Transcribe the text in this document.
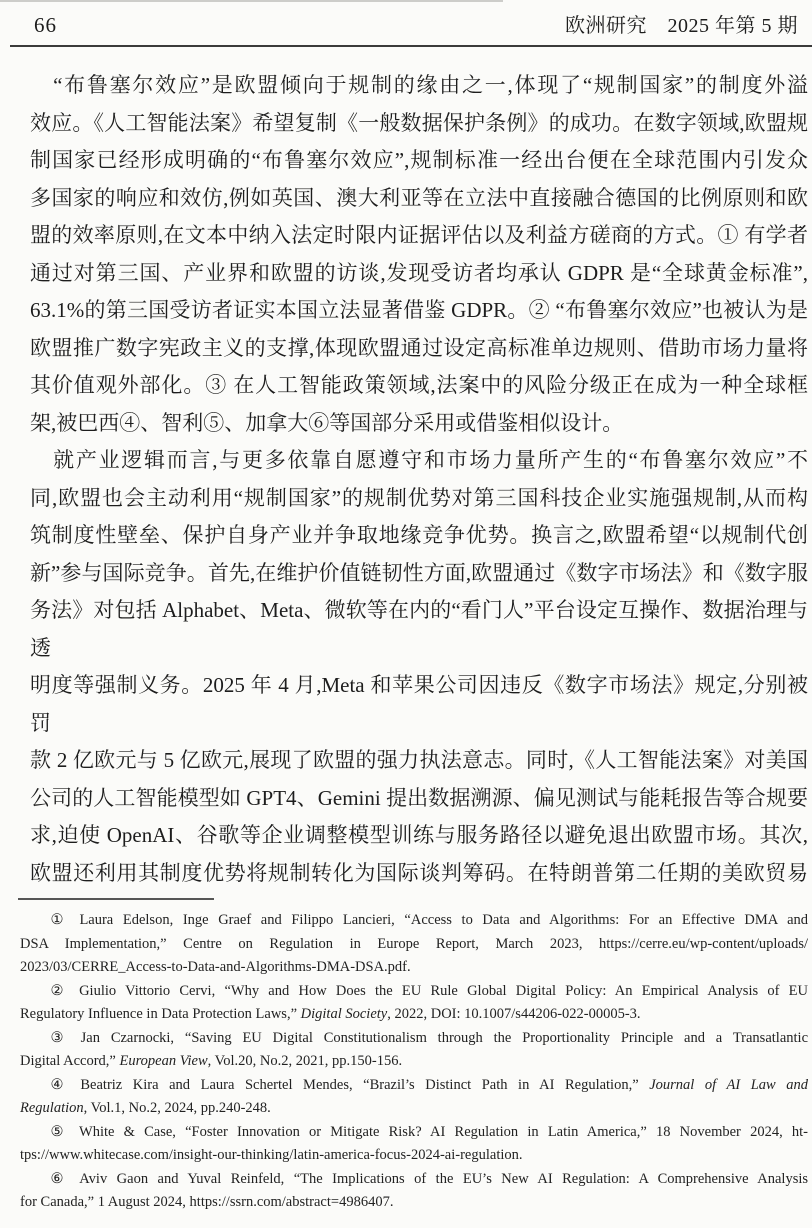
66	欧洲研究　2025 年第 5 期
“布鲁塞尔效应”是欧盟倾向于规制的缘由之一,体现了“规制国家”的制度外溢
效应。《人工智能法案》希望复制《一般数据保护条例》的成功。在数字领域,欧盟规
制国家已经形成明确的“布鲁塞尔效应”,规制标准一经出台便在全球范围内引发众
多国家的响应和效仿,例如英国、澳大利亚等在立法中直接融合德国的比例原则和欧
盟的效率原则,在文本中纳入法定时限内证据评估以及利益方磋商的方式。① 有学者
通过对第三国、产业界和欧盟的访谈,发现受访者均承认 GDPR 是“全球黄金标准”,
63.1%的第三国受访者证实本国立法显著借鉴 GDPR。② “布鲁塞尔效应”也被认为是
欧盟推广数字宪政主义的支撑,体现欧盟通过设定高标准单边规则、借助市场力量将
其价值观外部化。③ 在人工智能政策领域,法案中的风险分级正在成为一种全球框
架,被巴西④、智利⑤、加拿大⑥等国部分采用或借鉴相似设计。
就产业逻辑而言,与更多依靠自愿遵守和市场力量所产生的“布鲁塞尔效应”不
同,欧盟也会主动利用“规制国家”的规制优势对第三国科技企业实施强规制,从而构
筑制度性壁垒、保护自身产业并争取地缘竞争优势。换言之,欧盟希望“以规制代创
新”参与国际竞争。首先,在维护价值链韧性方面,欧盟通过《数字市场法》和《数字服
务法》对包括 Alphabet、Meta、微软等在内的“看门人”平台设定互操作、数据治理与透
明度等强制义务。2025 年 4 月,Meta 和苹果公司因违反《数字市场法》规定,分别被罚
款 2 亿欧元与 5 亿欧元,展现了欧盟的强力执法意志。同时,《人工智能法案》对美国
公司的人工智能模型如 GPT4、Gemini 提出数据溯源、偏见测试与能耗报告等合规要
求,迫使 OpenAI、谷歌等企业调整模型训练与服务路径以避免退出欧盟市场。其次,
欧盟还利用其制度优势将规制转化为国际谈判筹码。在特朗普第二任期的美欧贸易
① Laura Edelson, Inge Graef and Filippo Lancieri, “Access to Data and Algorithms: For an Effective DMA and
DSA Implementation,” Centre on Regulation in Europe Report, March 2023, https://cerre.eu/wp-content/uploads/
2023/03/CERRE_Access-to-Data-and-Algorithms-DMA-DSA.pdf.
② Giulio Vittorio Cervi, “Why and How Does the EU Rule Global Digital Policy: An Empirical Analysis of EU
Regulatory Influence in Data Protection Laws,” Digital Society, 2022, DOI: 10.1007/s44206-022-00005-3.
③ Jan Czarnocki, “Saving EU Digital Constitutionalism through the Proportionality Principle and a Transatlantic
Digital Accord,” European View, Vol.20, No.2, 2021, pp.150-156.
④ Beatriz Kira and Laura Schertel Mendes, “Brazil’s Distinct Path in AI Regulation,” Journal of AI Law and
Regulation, Vol.1, No.2, 2024, pp.240-248.
⑤ White & Case, “Foster Innovation or Mitigate Risk? AI Regulation in Latin America,” 18 November 2024, ht-
tps://www.whitecase.com/insight-our-thinking/latin-america-focus-2024-ai-regulation.
⑥ Aviv Gaon and Yuval Reinfeld, “The Implications of the EU’s New AI Regulation: A Comprehensive Analysis
for Canada,” 1 August 2024, https://ssrn.com/abstract=4986407.
